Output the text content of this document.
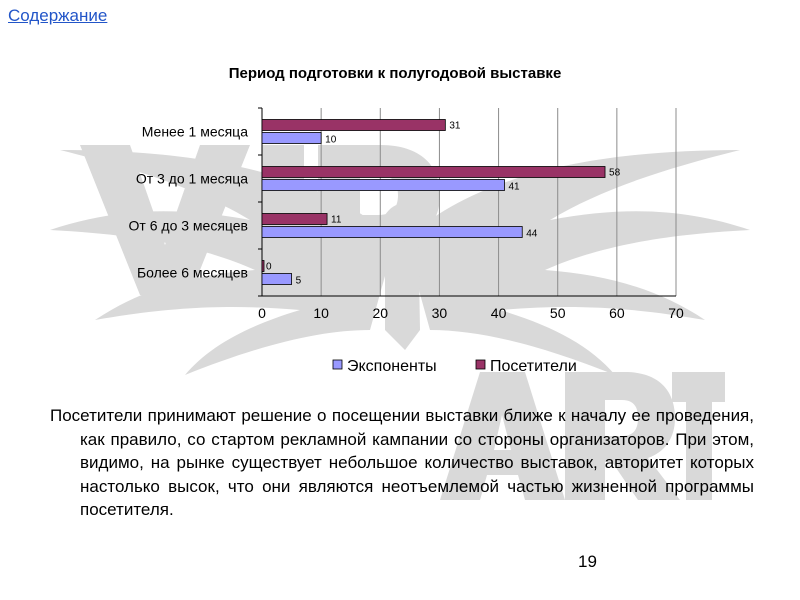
Содержание
Период подготовки к полугодовой выставке
0	10	20	30	40	50	60	70
Менее 1 месяца	31
10
От 3 до 1 месяца	58
41
От 6 до 3 месяцев	11
44
Более 6 месяцев 0
5
Экспоненты	Посетители
Посетители принимают решение о посещении выставки ближе к началу ее проведения, как правило, со стартом рекламной кампании со стороны организаторов. При этом, видимо, на рынке существует небольшое количество выставок, авторитет которых настолько высок, что они являются неотъемлемой частью жизненной программы посетителя.
19
